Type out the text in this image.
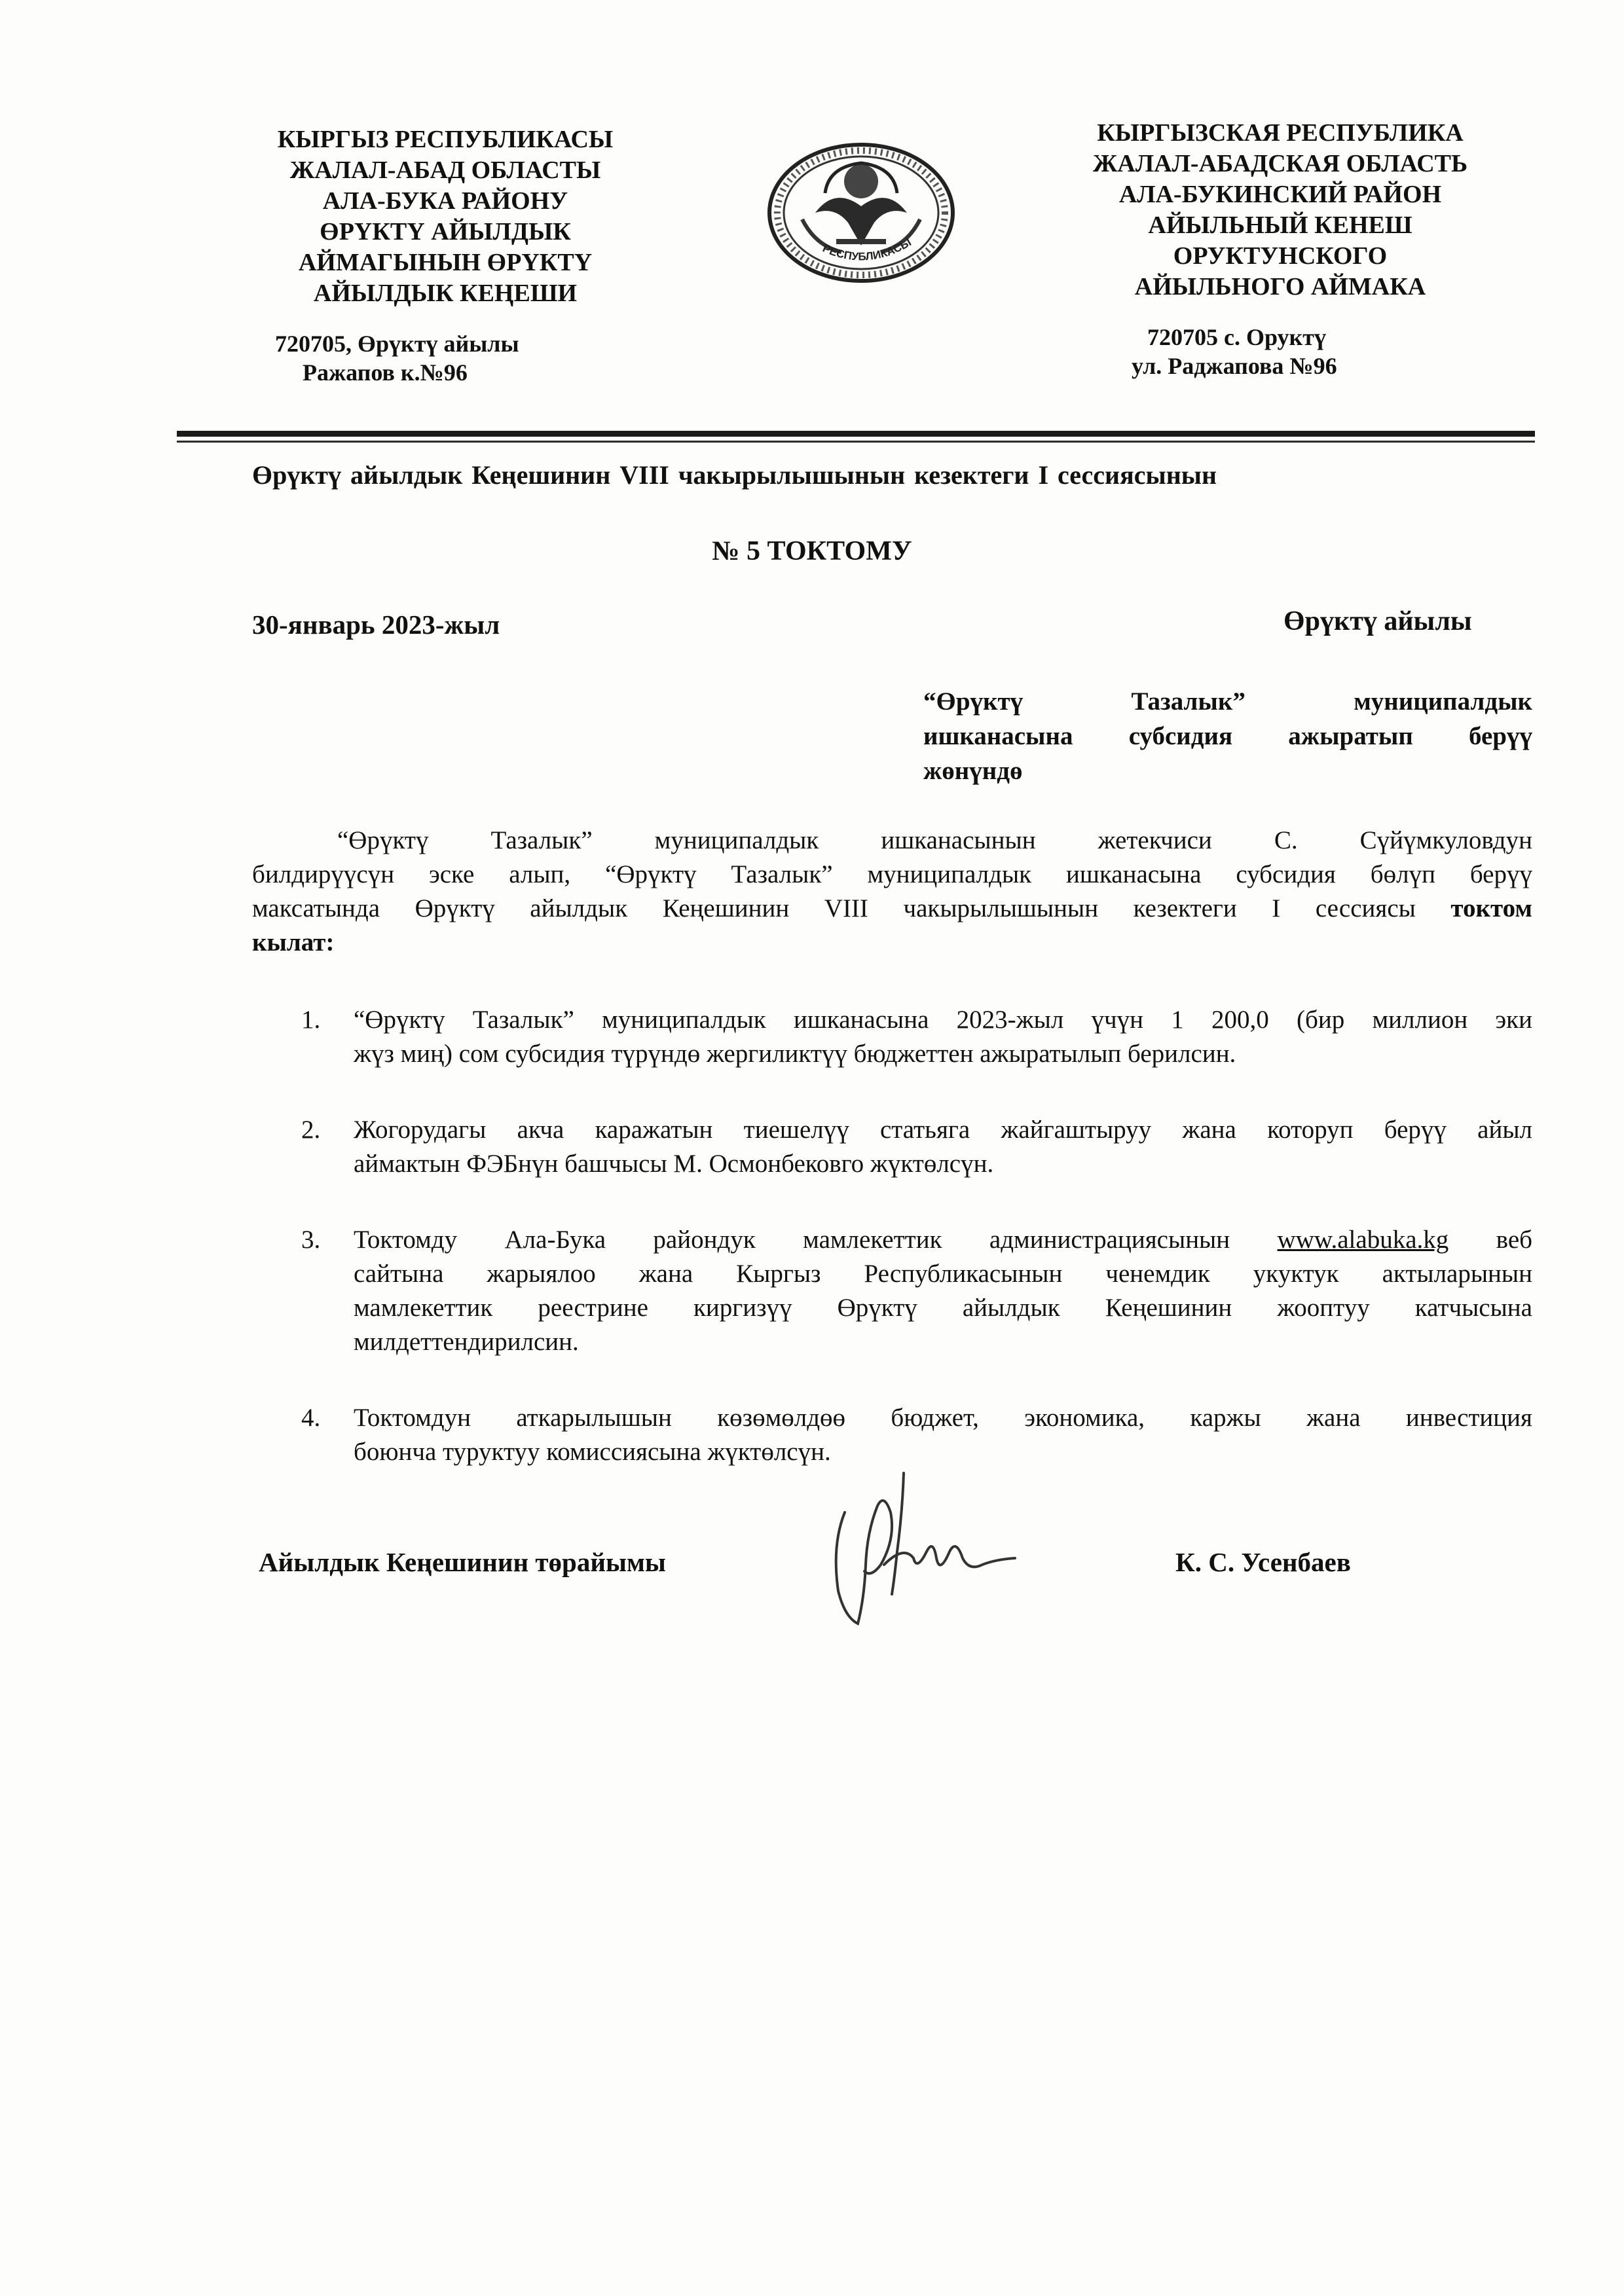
КЫРГЫЗ РЕСПУБЛИКАСЫ
ЖАЛАЛ-АБАД ОБЛАСТЫ
АЛА-БУКА РАЙОНУ
ӨРҮКТҮ АЙЫЛДЫК
АЙМАГЫНЫН ӨРҮКТҮ
АЙЫЛДЫК КЕҢЕШИ
720705, Өрүктү айылы
Ражапов к.№96
РЕСПУБЛИКАСЫ
КЫРГЫЗСКАЯ РЕСПУБЛИКА
ЖАЛАЛ-АБАДСКАЯ ОБЛАСТЬ
АЛА-БУКИНСКИЙ РАЙОН
АЙЫЛЬНЫЙ КЕНЕШ
ОРУКТУНСКОГО
АЙЫЛЬНОГО АЙМАКА
720705 с. Оруктү
ул. Раджапова №96
Өрүктү айылдык Кеңешинин VIII чакырылышынын кезектеги I сессиясынын
№ 5 ТОКТОМУ
30-январь 2023-жыл	Өрүктү айылы
“Өрүктү Тазалык” муниципалдык
ишканасына субсидия ажыратып берүү
жөнүндө
“Өрүктү Тазалык” муниципалдык ишканасынын жетекчиси С. Сүйүмкуловдун
билдирүүсүн эске алып, “Өрүктү Тазалык” муниципалдык ишканасына субсидия бөлүп берүү
максатында Өрүктү айылдык Кеңешинин VIII чакырылышынын кезектеги I сессиясы токтом
кылат:
1.	“Өрүктү Тазалык” муниципалдык ишканасына 2023-жыл үчүн 1 200,0 (бир миллион эки
жүз миң) сом субсидия түрүндө жергиликтүү бюджеттен ажыратылып берилсин.
2.	Жогорудагы акча каражатын тиешелүү статьяга жайгаштыруу жана которуп берүү айыл
аймактын ФЭБнүн башчысы М. Осмонбековго жүктөлсүн.
3.	Токтомду Ала-Бука райондук мамлекеттик администрациясынын www.alabuka.kg веб
сайтына жарыялоо жана Кыргыз Республикасынын ченемдик укуктук актыларынын
мамлекеттик реестрине киргизүү Өрүктү айылдык Кеңешинин жооптуу катчысына
милдеттендирилсин.
4.	Токтомдун аткарылышын көзөмөлдөө бюджет, экономика, каржы жана инвестиция
боюнча туруктуу комиссиясына жүктөлсүн.
Айылдык Кеңешинин төрайымы	К. С. Усенбаев
